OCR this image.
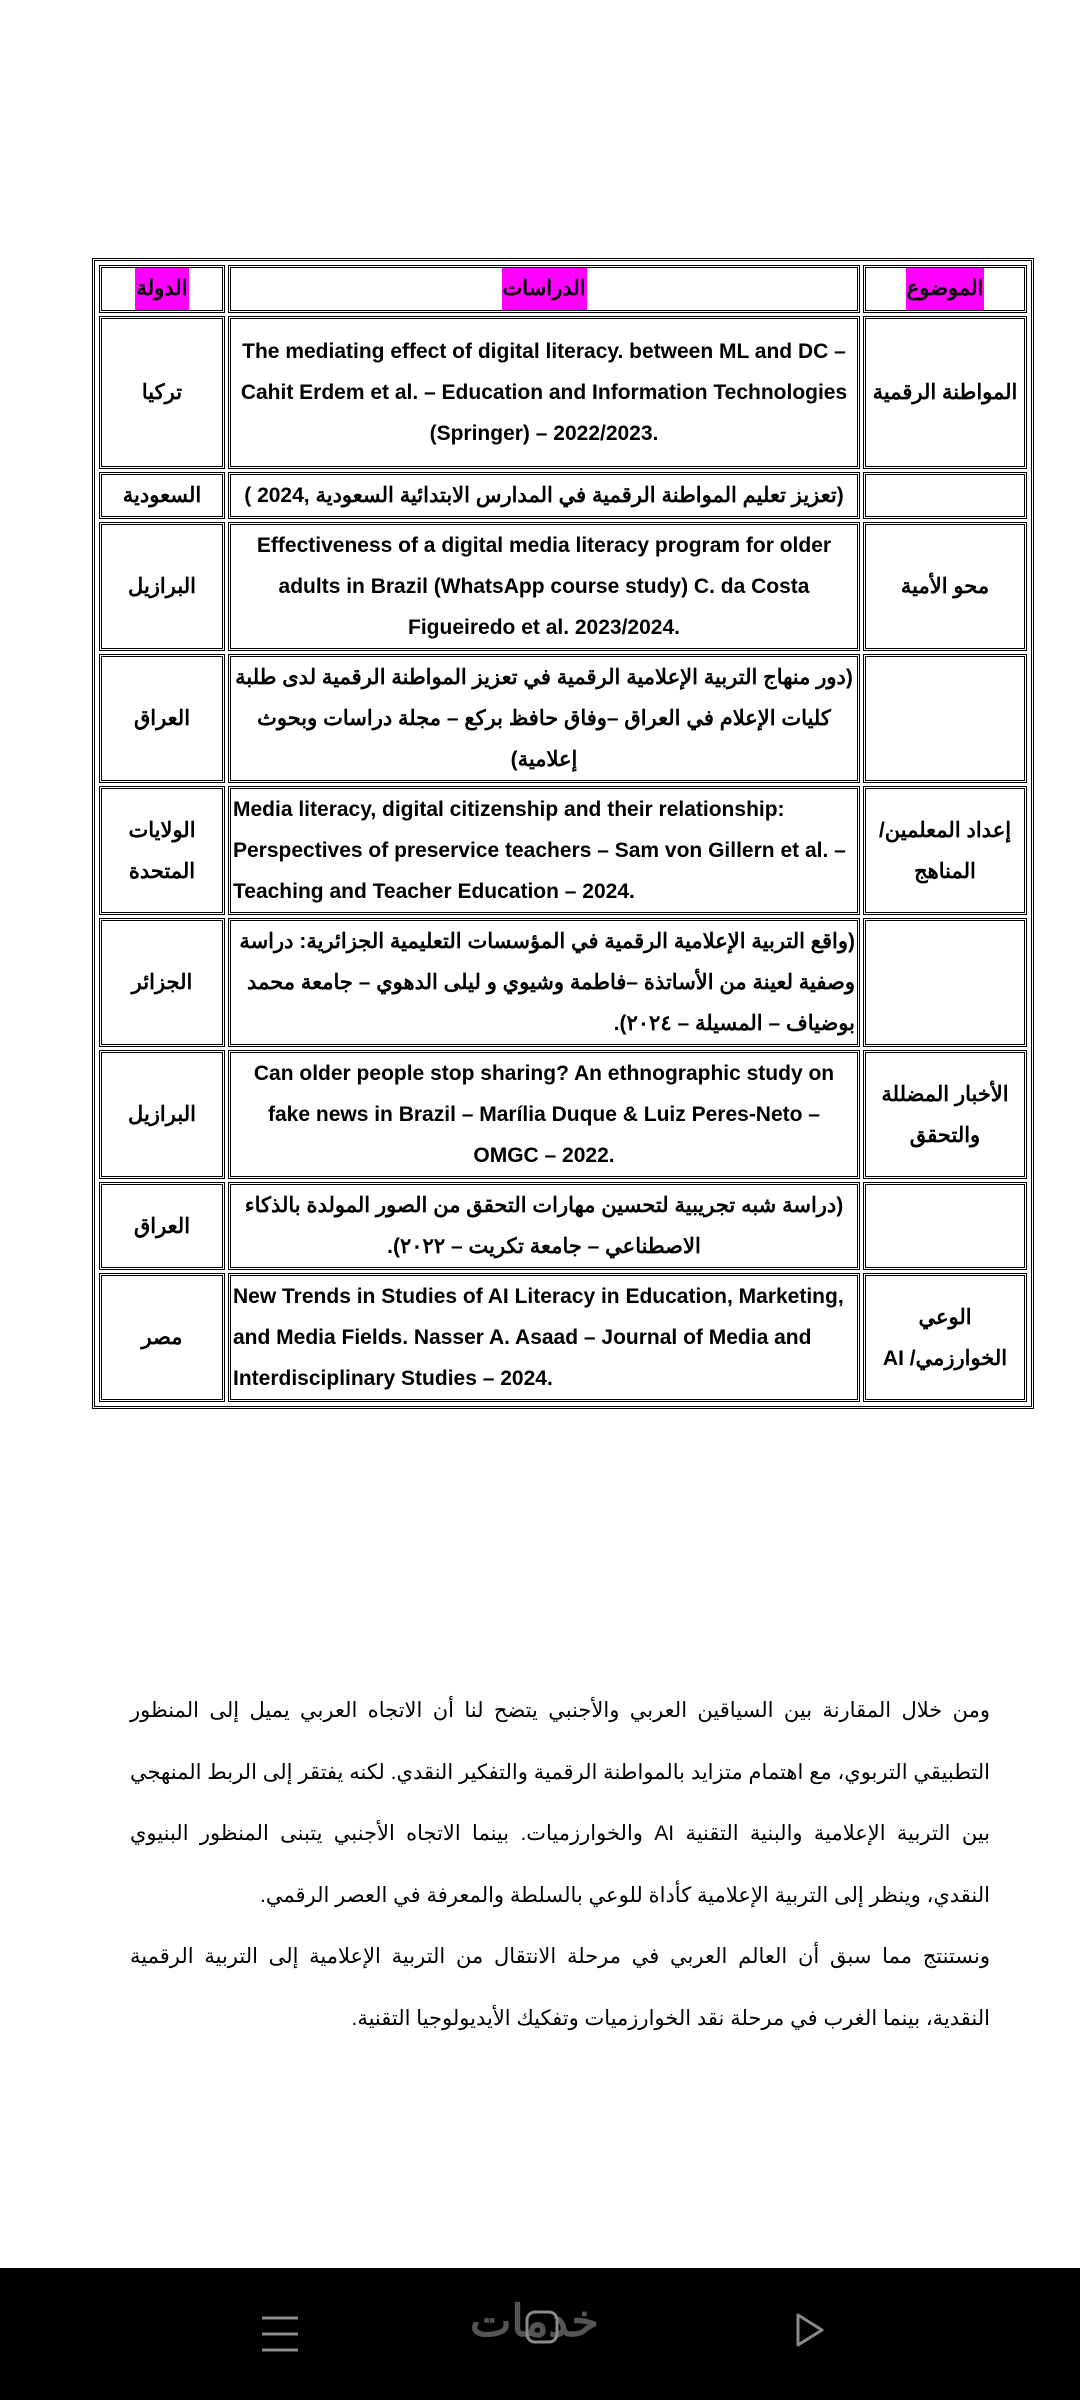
الدولة	الدراسات	الموضوع
تركيا	The mediating effect of digital literacy. between ML and DC – Cahit Erdem et al. – Education and Information Technologies (Springer) – 2022/2023.	المواطنة الرقمية
السعودية	(تعزيز تعليم المواطنة الرقمية في المدارس الابتدائية السعودية ,2024 )	
البرازيل	Effectiveness of a digital media literacy program for older adults in Brazil (WhatsApp course study) C. da Costa Figueiredo et al. 2023/2024.	محو الأمية
العراق	(دور منهاج التربية الإعلامية الرقمية في تعزيز المواطنة الرقمية لدى طلبة كليات الإعلام في العراق –وفاق حافظ بركع – مجلة دراسات وبحوث إعلامية)	
الولايات المتحدة	Media literacy, digital citizenship and their relationship: Perspectives of preservice teachers – Sam von Gillern et al. – Teaching and Teacher Education – 2024.	إعداد المعلمين/المناهج
الجزائر	(واقع التربية الإعلامية الرقمية في المؤسسات التعليمية الجزائرية: دراسة وصفية لعينة من الأساتذة –فاطمة وشيوي و ليلى الدهوي – جامعة محمد بوضياف – المسيلة – ٢٠٢٤).	
البرازيل	Can older people stop sharing? An ethnographic study on fake news in Brazil – Marília Duque & Luiz Peres-Neto – OMGC – 2022.	الأخبار المضللة والتحقق
العراق	(دراسة شبه تجريبية لتحسين مهارات التحقق من الصور المولدة بالذكاء الاصطناعي – جامعة تكريت – ٢٠٢٢).	
مصر	New Trends in Studies of AI Literacy in Education, Marketing, and Media Fields. Nasser A. Asaad – Journal of Media and Interdisciplinary Studies – 2024.	الوعي الخوارزمي/ AI

ومن خلال المقارنة بين السياقين العربي والأجنبي يتضح لنا أن الاتجاه العربي يميل إلى المنظور التطبيقي التربوي، مع اهتمام متزايد بالمواطنة الرقمية والتفكير النقدي. لكنه يفتقر إلى الربط المنهجي بين التربية الإعلامية والبنية التقنية AI والخوارزميات. بينما الاتجاه الأجنبي يتبنى المنظور البنيوي النقدي، وينظر إلى التربية الإعلامية كأداة للوعي بالسلطة والمعرفة في العصر الرقمي.

ونستنتج مما سبق أن العالم العربي في مرحلة الانتقال من التربية الإعلامية إلى التربية الرقمية النقدية، بينما الغرب في مرحلة نقد الخوارزميات وتفكيك الأيديولوجيا التقنية.

خدمات
